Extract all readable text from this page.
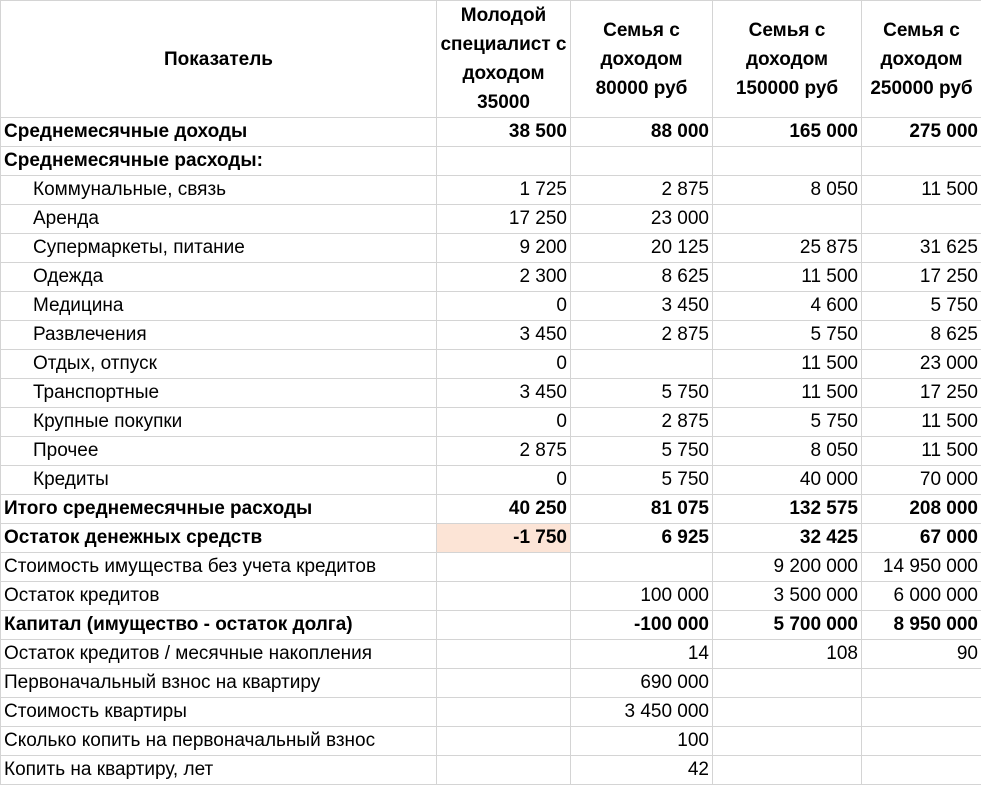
Показатель	Молодой специалист с доходом 35000	Семья с доходом 80000 руб	Семья с доходом 150000 руб	Семья с доходом 250000 руб
Среднемесячные доходы	38 500	88 000	165 000	275 000
Среднемесячные расходы:				
Коммунальные, связь	1 725	2 875	8 050	11 500
Аренда	17 250	23 000		
Супермаркеты, питание	9 200	20 125	25 875	31 625
Одежда	2 300	8 625	11 500	17 250
Медицина	0	3 450	4 600	5 750
Развлечения	3 450	2 875	5 750	8 625
Отдых, отпуск	0		11 500	23 000
Транспортные	3 450	5 750	11 500	17 250
Крупные покупки	0	2 875	5 750	11 500
Прочее	2 875	5 750	8 050	11 500
Кредиты	0	5 750	40 000	70 000
Итого среднемесячные расходы	40 250	81 075	132 575	208 000
Остаток денежных средств	-1 750	6 925	32 425	67 000
Стоимость имущества без учета кредитов			9 200 000	14 950 000
Остаток кредитов		100 000	3 500 000	6 000 000
Капитал (имущество - остаток долга)		-100 000	5 700 000	8 950 000
Остаток кредитов / месячные накопления		14	108	90
Первоначальный взнос на квартиру		690 000		
Стоимость квартиры		3 450 000		
Сколько копить на первоначальный взнос		100		
Копить на квартиру, лет		42		
